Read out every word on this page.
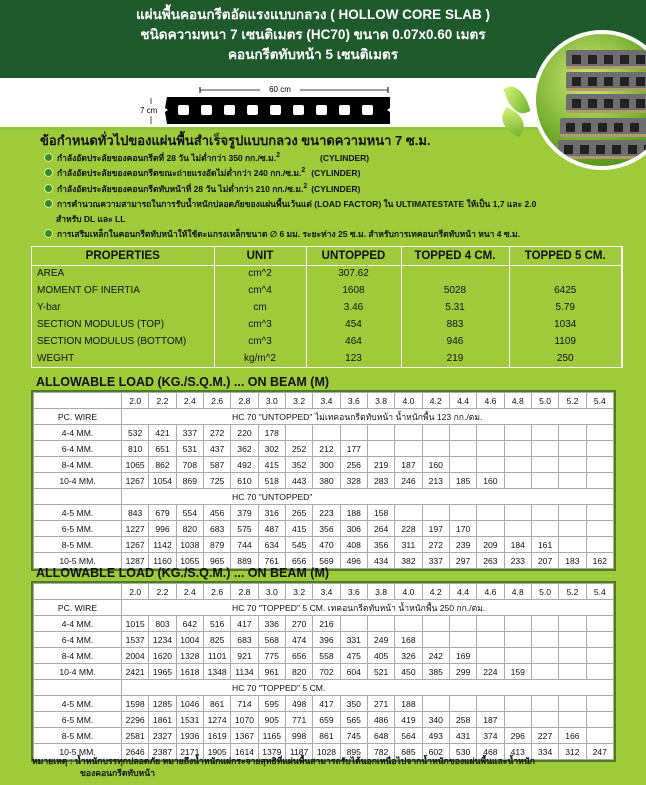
แผ่นพื้นคอนกรีตอัดแรงแบบกลวง ( HOLLOW CORE SLAB )
ชนิดความหนา 7 เซนติเมตร (HC70) ขนาด 0.07x0.60 เมตร
คอนกรีตทับหน้า 5 เซนติเมตร
60 cm
7 cm
ข้อกำหนดทั่วไปของแผ่นพื้นสำเร็จรูปแบบกลวง ขนาดความหนา 7 ซ.ม.
กำลังอัดประลัยของคอนกรีตที่ 28 วัน ไม่ต่ำกว่า 350 กก./ซ.ม.$^2$	(CYLINDER)
กำลังอัดประลัยของคอนกรีตขณะถ่ายแรงอัดไม่ต่ำกว่า 240 กก./ซ.ม.$^2$ (CYLINDER)
กำลังอัดประลัยของคอนกรีตทับหน้าที่ 28 วัน ไม่ต่ำกว่า 210 กก./ซ.ม.$^2$ (CYLINDER)
การคำนวณความสามารถในการรับน้ำหนักปลอดภัยของแผ่นพื้นเว้นแต่ (LOAD FACTOR) ใน ULTIMATESTATE ให้เป็น 1,7 และ 2.0
สำหรับ DL และ LL
การเสริมเหล็กในคอนกรีตทับหน้าให้ใช้ตะแกรงเหล็กขนาด ∅ 6 มม. ระยะห่าง 25 ซ.ม. สำหรับการเทคอนกรีตทับหน้า หนา 4 ซ.ม.
PROPERTIES	UNIT	UNTOPPED	TOPPED 4 CM.	TOPPED 5 CM.
AREA	cm^2	307.62		
MOMENT OF INERTIA	cm^4	1608	5028	6425
Y-bar	cm	3.46	5.31	5.79
SECTION MODULUS (TOP)	cm^3	454	883	1034
SECTION MODULUS (BOTTOM)	cm^3	464	946	1109
WEGHT	kg/m^2	123	219	250
ALLOWABLE LOAD (KG./S.Q.M.) ... ON BEAM (M)
	2.0	2.2	2.4	2.6	2.8	3.0	3.2	3.4	3.6	3.8	4.0	4.2	4.4	4.6	4.8	5.0	5.2	5.4
PC. WIRE	HC 70 "UNTOPPED" ไม่เทคอนกรีตทับหน้า น้ำหนักพื้น 123 กก./ตม.																	
4-4 MM.	532	421	337	272	220	178												
6-4 MM.	810	651	531	437	362	302	252	212	177									
8-4 MM.	1065	862	708	587	492	415	352	300	256	219	187	160						
10-4 MM.	1267	1054	869	725	610	518	443	380	328	283	246	213	185	160				
	HC 70 "UNTOPPED"																	
4-5 MM.	843	679	554	456	379	316	265	223	188	158								
6-5 MM.	1227	996	820	683	575	487	415	356	306	264	228	197	170					
8-5 MM.	1267	1142	1038	879	744	634	545	470	408	356	311	272	239	209	184	161		
10-5 MM.	1287	1160	1055	965	889	761	656	569	496	434	382	337	297	263	233	207	183	162
ALLOWABLE LOAD (KG./S.Q.M.) ... ON BEAM (M)
	2.0	2.2	2.4	2.6	2.8	3.0	3.2	3.4	3.6	3.8	4.0	4.2	4.4	4.6	4.8	5.0	5.2	5.4
PC. WIRE	HC 70 "TOPPED" 5 CM. เทคอนกรีตทับหน้า น้ำหนักพื้น 250 กก./ตม.																	
4-4 MM.	1015	803	642	516	417	336	270	216										
6-4 MM.	1537	1234	1004	825	683	568	474	396	331	249	168							
8-4 MM.	2004	1620	1328	1101	921	775	656	558	475	405	326	242	169					
10-4 MM.	2421	1965	1618	1348	1134	961	820	702	604	521	450	385	299	224	159			
	HC 70 "TOPPED" 5 CM.																	
4-5 MM.	1598	1285	1046	861	714	595	498	417	350	271	188							
6-5 MM.	2296	1861	1531	1274	1070	905	771	659	565	486	419	340	258	187				
8-5 MM.	2581	2327	1936	1619	1367	1165	998	861	745	648	564	493	431	374	296	227	166	
10-5 MM.	2646	2387	2171	1905	1614	1379	1187	1028	895	782	685	602	530	468	413	334	312	247
หมายเหตุ : น้ำหนักบรรทุกปลอดภัย หมายถึงน้ำหนักแผ่กระจายสุทธิที่แผ่นพื้นสามารถรับได้นอกเหนือไปจากน้ำหนักของแผ่นพื้นและน้ำหนัก
ของคอนกรีตทับหน้า
